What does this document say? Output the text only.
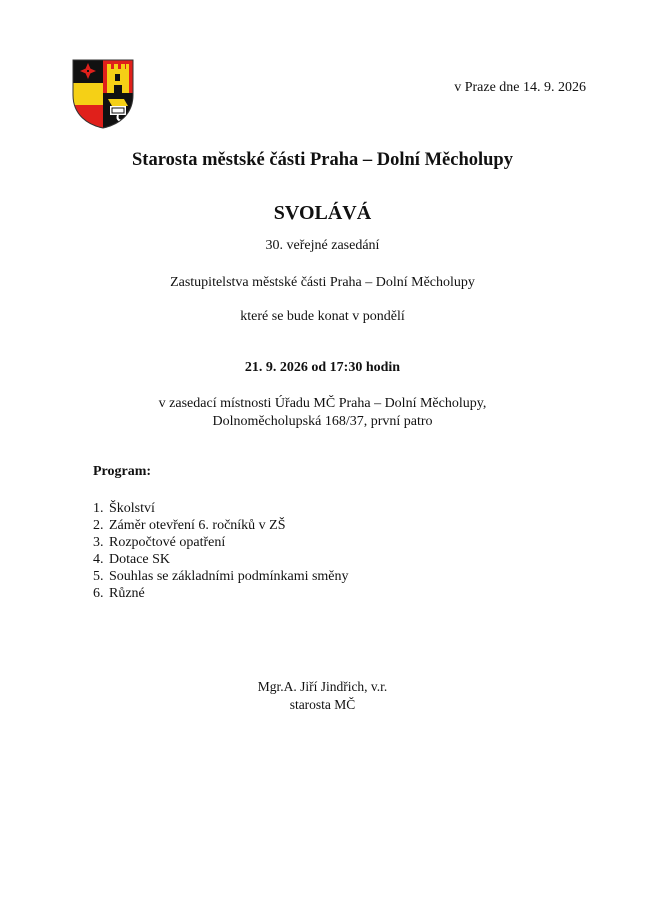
v Praze dne 14. 9. 2026
Starosta městské části Praha – Dolní Měcholupy
SVOLÁVÁ
30. veřejné zasedání
Zastupitelstva městské části Praha – Dolní Měcholupy
které se bude konat v pondělí
21. 9. 2026 od 17:30 hodin
v zasedací místnosti Úřadu MČ Praha – Dolní Měcholupy,
Dolnoměcholupská 168/37, první patro
Program:
1. Školství
2. Záměr otevření 6. ročníků v ZŠ
3. Rozpočtové opatření
4. Dotace SK
5. Souhlas se základními podmínkami směny
6. Různé
Mgr.A. Jiří Jindřich, v.r.
starosta MČ
